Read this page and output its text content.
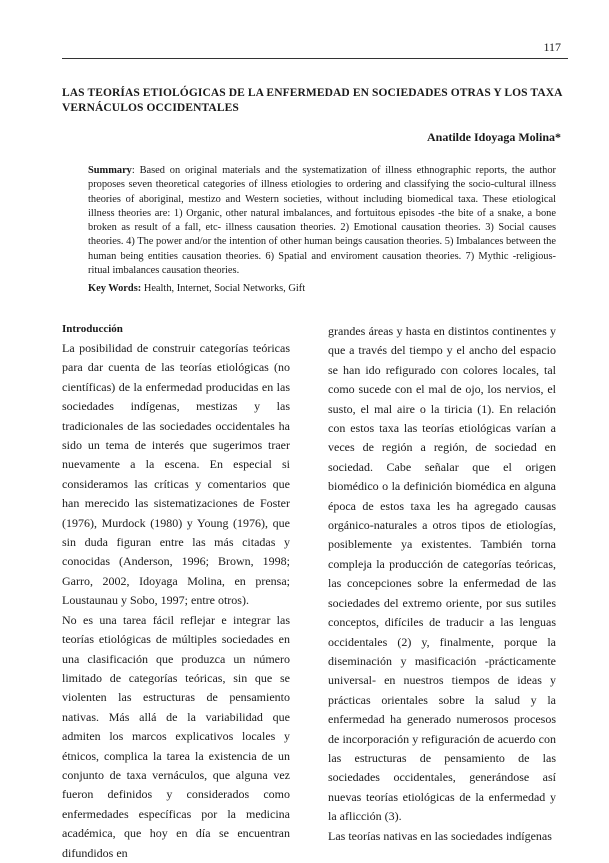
117
LAS TEORÍAS ETIOLÓGICAS DE LA ENFERMEDAD EN SOCIEDADES OTRAS Y LOS TAXA VERNÁCULOS OCCIDENTALES
Anatilde Idoyaga Molina*
Summary: Based on original materials and the systematization of illness ethnographic reports, the author proposes seven theoretical categories of illness etiologies to ordering and classifying the socio-cultural illness theories of aboriginal, mestizo and Western societies, without including biomedical taxa. These etiological illness theories are: 1) Organic, other natural imbalances, and fortuitous episodes -the bite of a snake, a bone broken as result of a fall, etc- illness causation theories. 2) Emotional causation theories. 3) Social causes theories. 4) The power and/or the intention of other human beings causation theories. 5) Imbalances between the human being entities causation theories. 6) Spatial and enviroment causation theories. 7) Mythic -religious-ritual imbalances causation theories.
Key Words: Health, Internet, Social Networks, Gift
Introducción

La posibilidad de construir categorías teóricas para dar cuenta de las teorías etiológicas (no científicas) de la enfermedad producidas en las sociedades indígenas, mestizas y las tradicionales de las sociedades occidentales ha sido un tema de interés que sugerimos traer nuevamente a la escena. En especial si consideramos las críticas y comentarios que han merecido las sistematizaciones de Foster (1976), Murdock (1980) y Young (1976), que sin duda figuran entre las más citadas y conocidas (Anderson, 1996; Brown, 1998; Garro, 2002, Idoyaga Molina, en prensa; Loustaunau y Sobo, 1997; entre otros).

No es una tarea fácil reflejar e integrar las teorías etiológicas de múltiples sociedades en una clasificación que produzca un número limitado de categorías teóricas, sin que se violenten las estructuras de pensamiento nativas. Más allá de la variabilidad que admiten los marcos explicativos locales y étnicos, complica la tarea la existencia de un conjunto de taxa vernáculos, que alguna vez fueron definidos y considerados como enfermedades específicas por la medicina académica, que hoy en día se encuentran difundidos en

grandes áreas y hasta en distintos continentes y que a través del tiempo y el ancho del espacio se han ido refigurado con colores locales, tal como sucede con el mal de ojo, los nervios, el susto, el mal aire o la tiricia (1). En relación con estos taxa las teorías etiológicas varían a veces de región a región, de sociedad en sociedad. Cabe señalar que el origen biomédico o la definición biomédica en alguna época de estos taxa les ha agregado causas orgánico-naturales a otros tipos de etiologías, posiblemente ya existentes. También torna compleja la producción de categorías teóricas, las concepciones sobre la enfermedad de las sociedades del extremo oriente, por sus sutiles conceptos, difíciles de traducir a las lenguas occidentales (2) y, finalmente, porque la diseminación y masificación -prácticamente universal- en nuestros tiempos de ideas y prácticas orientales sobre la salud y la enfermedad ha generado numerosos procesos de incorporación y refiguración de acuerdo con las estructuras de pensamiento de las sociedades occidentales, generándose así nuevas teorías etiológicas de la enfermedad y la aflicción (3).

Las teorías nativas en las sociedades indígenas
